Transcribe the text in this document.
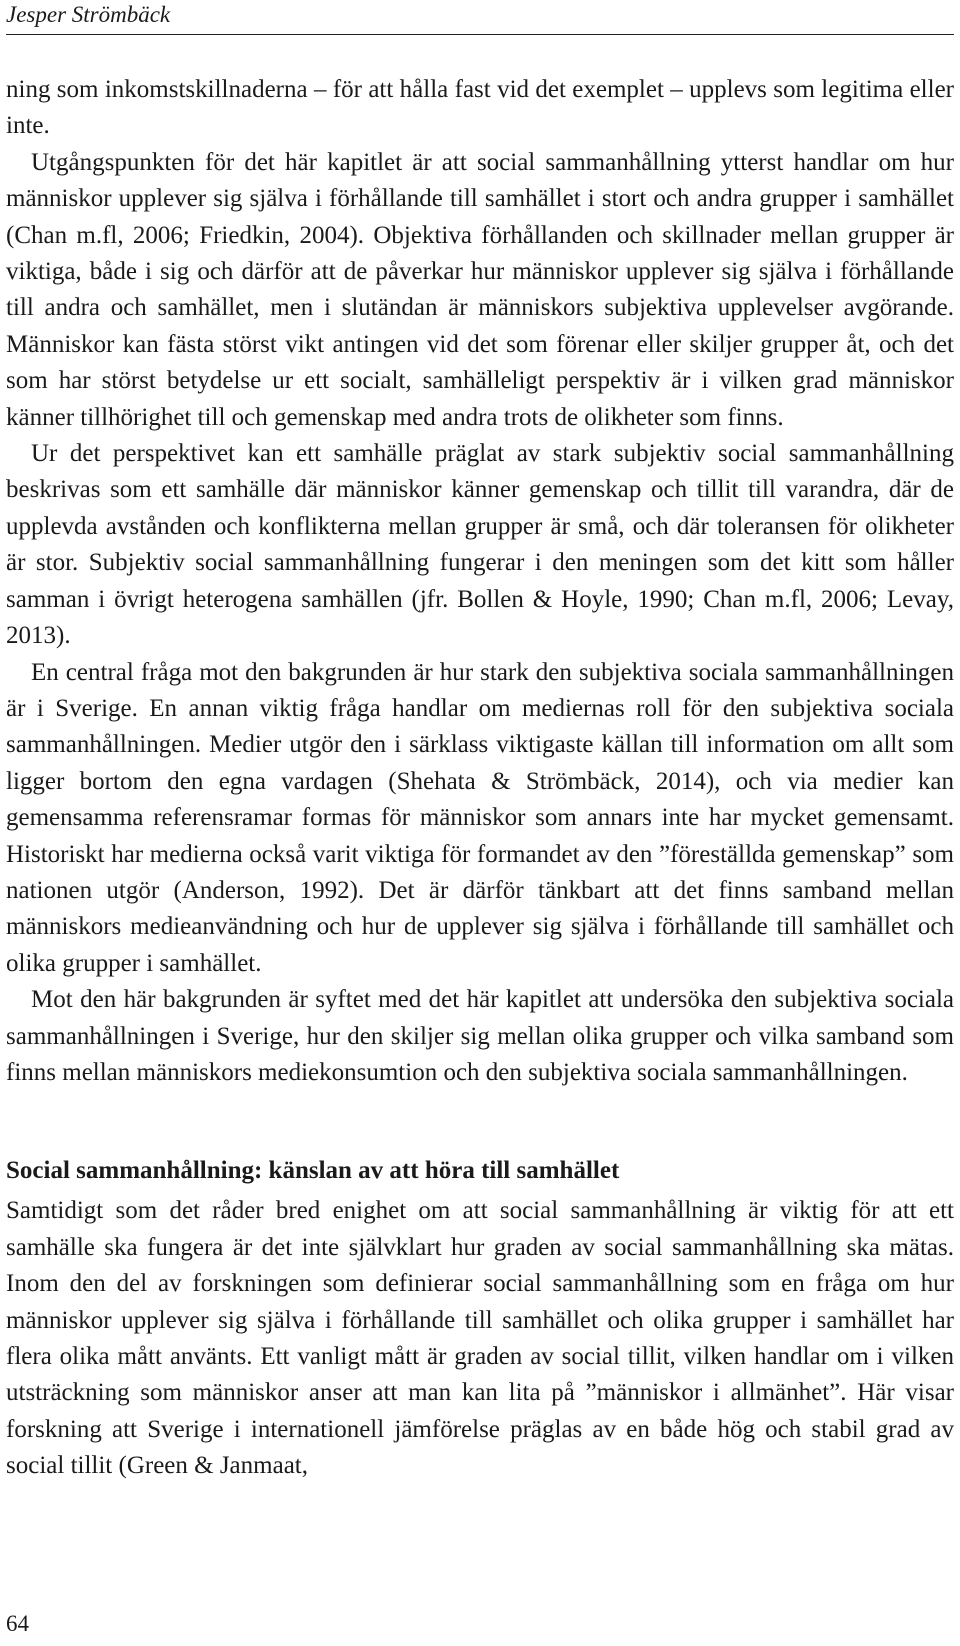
Jesper Strömbäck

ning som inkomstskillnaderna – för att hålla fast vid det exemplet – upplevs som legitima eller inte.

Utgångspunkten för det här kapitlet är att social sammanhållning ytterst handlar om hur människor upplever sig själva i förhållande till samhället i stort och andra grupper i samhället (Chan m.fl, 2006; Friedkin, 2004). Objektiva förhållanden och skillnader mellan grupper är viktiga, både i sig och därför att de påverkar hur människor upplever sig själva i förhållande till andra och samhället, men i slutändan är människors subjektiva upplevelser avgörande. Människor kan fästa störst vikt antingen vid det som förenar eller skiljer grupper åt, och det som har störst betydelse ur ett socialt, samhälleligt perspektiv är i vilken grad människor känner tillhörighet till och gemenskap med andra trots de olikheter som finns.

Ur det perspektivet kan ett samhälle präglat av stark subjektiv social sammanhållning beskrivas som ett samhälle där människor känner gemenskap och tillit till varandra, där de upplevda avstånden och konflikterna mellan grupper är små, och där toleransen för olikheter är stor. Subjektiv social sammanhållning fungerar i den meningen som det kitt som håller samman i övrigt heterogena samhällen (jfr. Bollen & Hoyle, 1990; Chan m.fl, 2006; Levay, 2013).

En central fråga mot den bakgrunden är hur stark den subjektiva sociala sammanhållningen är i Sverige. En annan viktig fråga handlar om mediernas roll för den subjektiva sociala sammanhållningen. Medier utgör den i särklass viktigaste källan till information om allt som ligger bortom den egna vardagen (Shehata & Strömbäck, 2014), och via medier kan gemensamma referensramar formas för människor som annars inte har mycket gemensamt. Historiskt har medierna också varit viktiga för formandet av den ”föreställda gemenskap” som nationen utgör (Anderson, 1992). Det är därför tänkbart att det finns samband mellan människors medieanvändning och hur de upplever sig själva i förhållande till samhället och olika grupper i samhället.

Mot den här bakgrunden är syftet med det här kapitlet att undersöka den subjektiva sociala sammanhållningen i Sverige, hur den skiljer sig mellan olika grupper och vilka samband som finns mellan människors mediekonsumtion och den subjektiva sociala sammanhållningen.

Social sammanhållning: känslan av att höra till samhället

Samtidigt som det råder bred enighet om att social sammanhållning är viktig för att ett samhälle ska fungera är det inte självklart hur graden av social sammanhållning ska mätas. Inom den del av forskningen som definierar social sammanhållning som en fråga om hur människor upplever sig själva i förhållande till samhället och olika grupper i samhället har flera olika mått använts. Ett vanligt mått är graden av social tillit, vilken handlar om i vilken utsträckning som människor anser att man kan lita på ”människor i allmänhet”. Här visar forskning att Sverige i internationell jämförelse präglas av en både hög och stabil grad av social tillit (Green & Janmaat,

64
